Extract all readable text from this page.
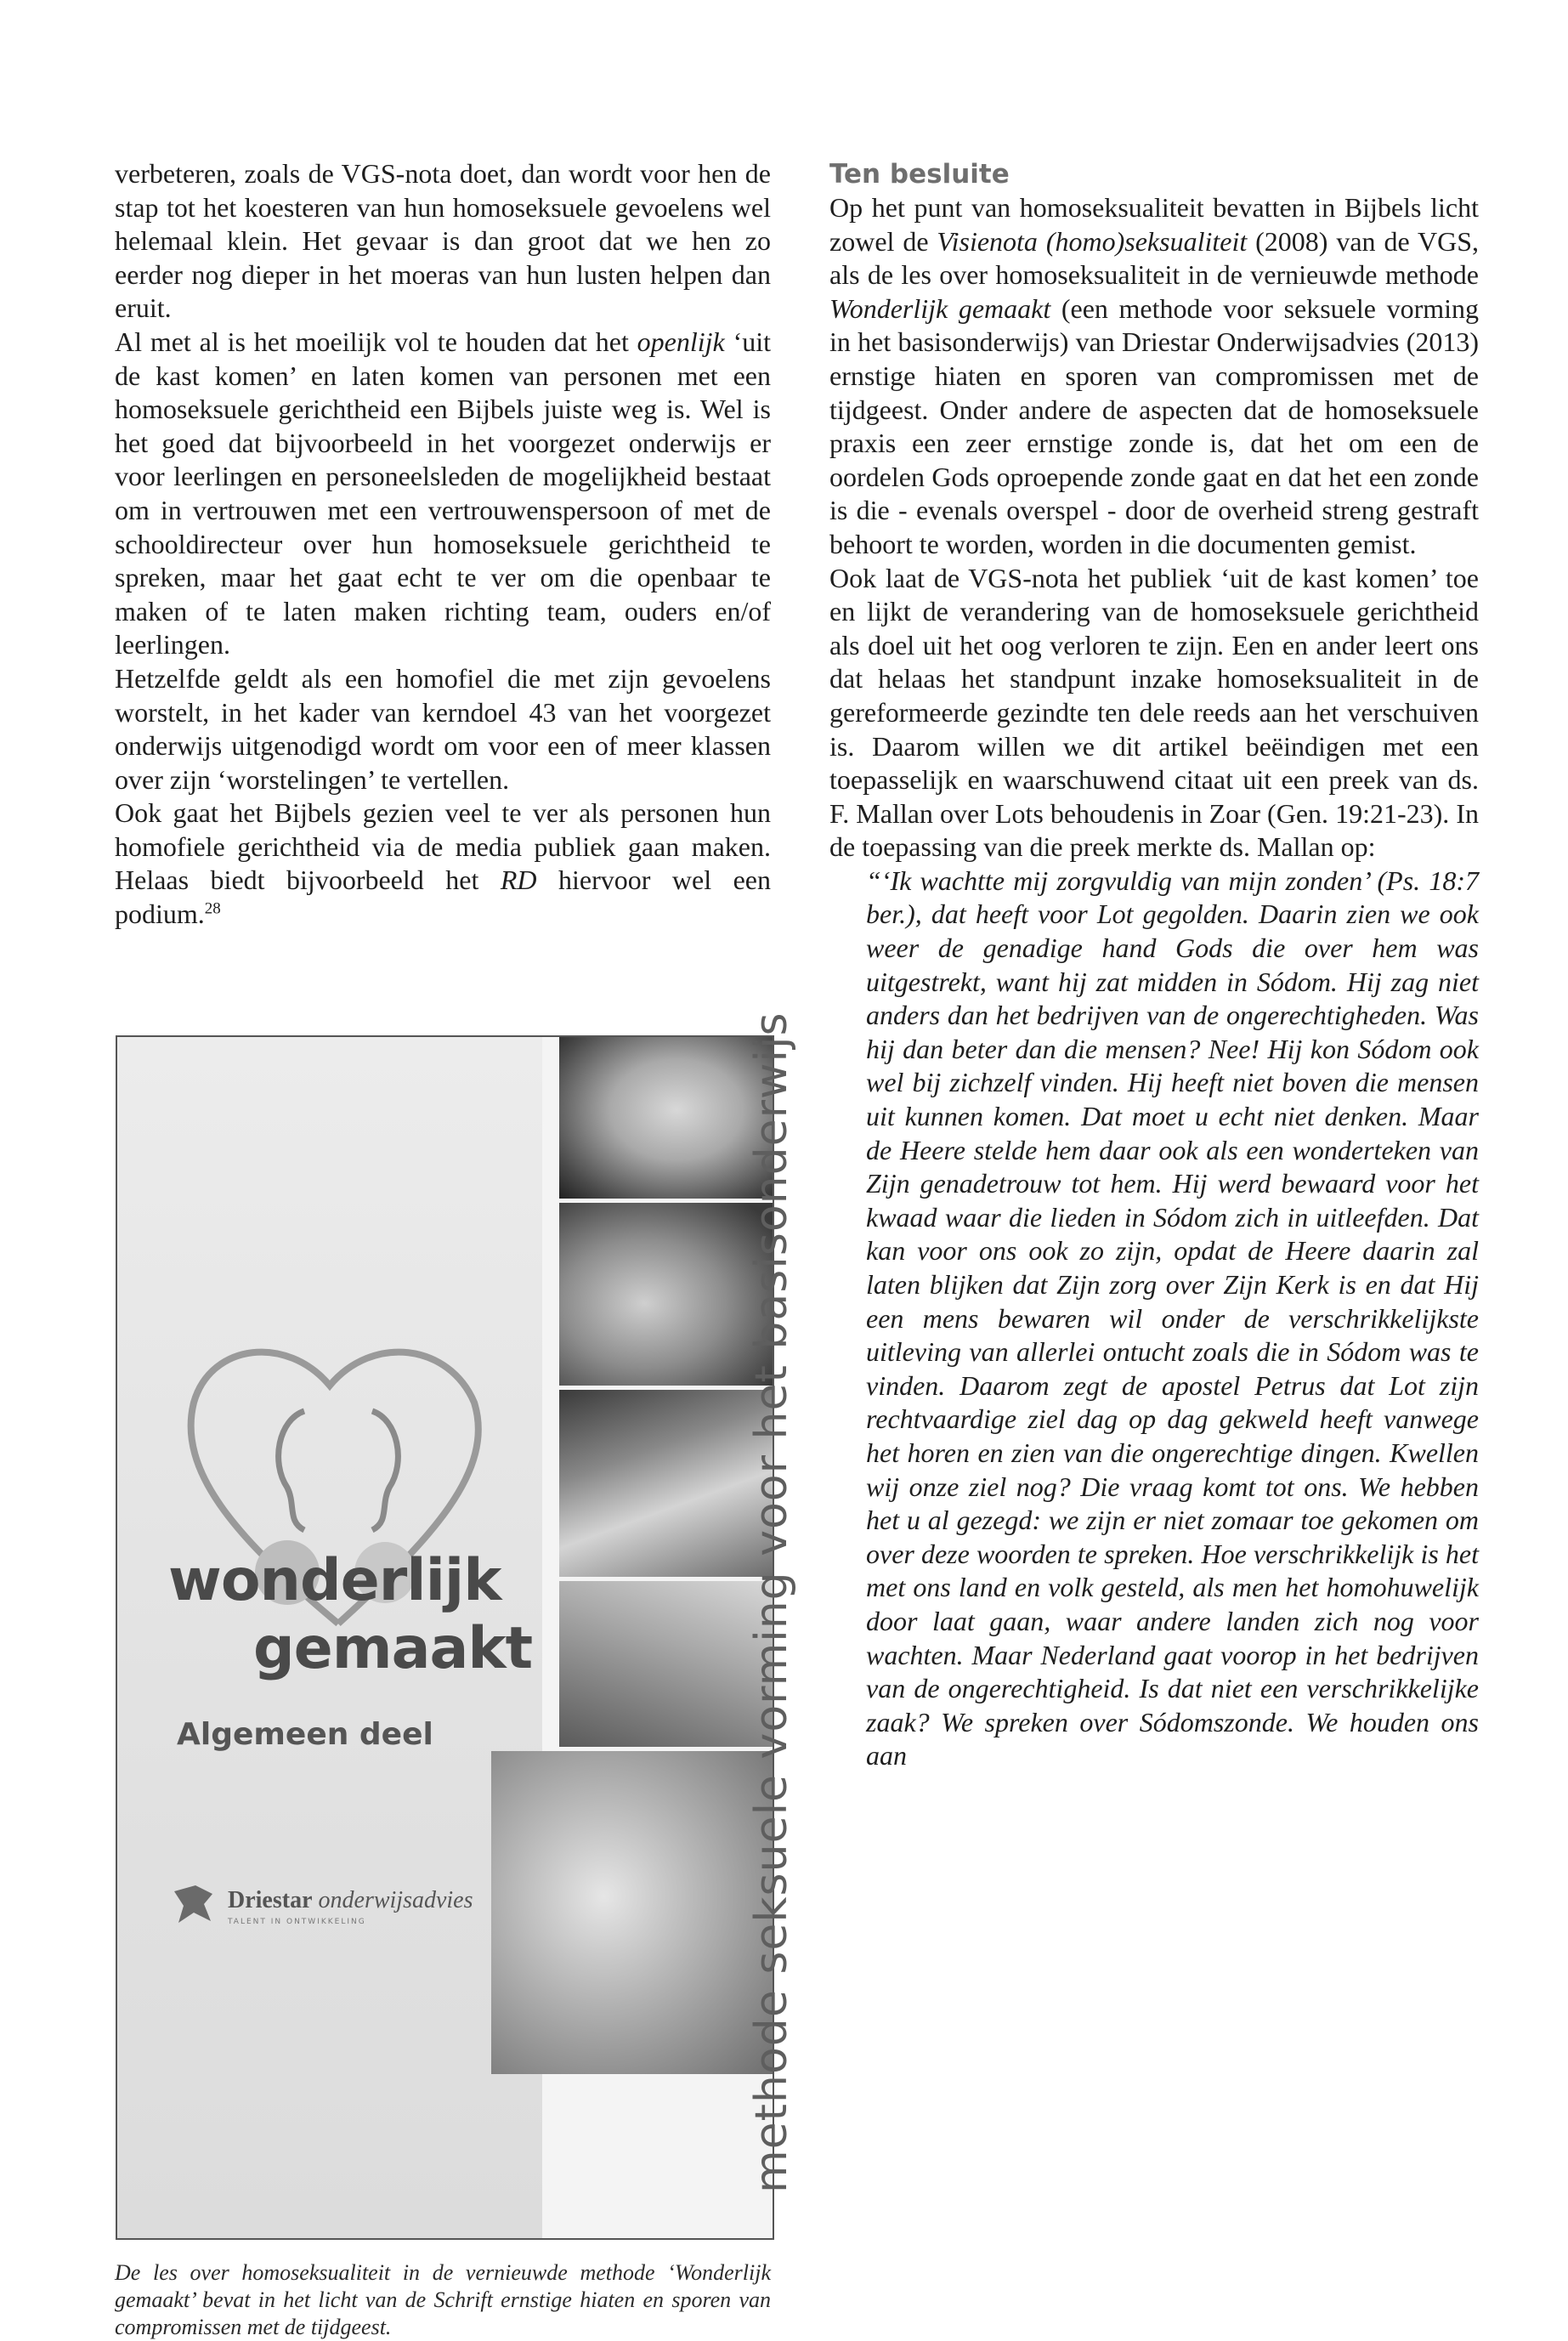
verbeteren, zoals de VGS-nota doet, dan wordt voor hen de stap tot het koesteren van hun homoseksuele gevoelens wel helemaal klein. Het gevaar is dan groot dat we hen zo eerder nog dieper in het moeras van hun lusten helpen dan eruit.

Al met al is het moeilijk vol te houden dat het openlijk ‘uit de kast komen’ en laten komen van personen met een homoseksuele gerichtheid een Bijbels juiste weg is. Wel is het goed dat bijvoorbeeld in het voorgezet onderwijs er voor leerlingen en personeelsleden de mogelijkheid bestaat om in vertrouwen met een vertrouwenspersoon of met de schooldirecteur over hun homoseksuele gerichtheid te spreken, maar het gaat echt te ver om die openbaar te maken of te laten maken richting team, ouders en/of leerlingen.

Hetzelfde geldt als een homofiel die met zijn gevoelens worstelt, in het kader van kerndoel 43 van het voorgezet onderwijs uitgenodigd wordt om voor een of meer klassen over zijn ‘worstelingen’ te vertellen.

Ook gaat het Bijbels gezien veel te ver als personen hun homofiele gerichtheid via de media publiek gaan maken. Helaas biedt bijvoorbeeld het RD hiervoor wel een podium.$^{28}$

wonderlijk
gemaakt
Algemeen deel
Driestar onderwijsadvies
TALENT IN ONTWIKKELING	methode seksuele vorming voor het basisonderwijs
De les over homoseksualiteit in de vernieuwde methode ‘Wonderlijk gemaakt’ bevat in het licht van de Schrift ernstige hiaten en sporen van compromissen met de tijdgeest.
Ten besluite

Op het punt van homoseksualiteit bevatten in Bijbels licht zowel de Visienota (homo)seksualiteit (2008) van de VGS, als de les over homoseksualiteit in de vernieuwde methode Wonderlijk gemaakt (een methode voor seksuele vorming in het basisonderwijs) van Driestar Onderwijsadvies (2013) ernstige hiaten en sporen van compromissen met de tijdgeest. Onder andere de aspecten dat de homoseksuele praxis een zeer ernstige zonde is, dat het om een de oordelen Gods oproepende zonde gaat en dat het een zonde is die - evenals overspel - door de overheid streng gestraft behoort te worden, worden in die documenten gemist.

Ook laat de VGS-nota het publiek ‘uit de kast komen’ toe en lijkt de verandering van de homoseksuele gerichtheid als doel uit het oog verloren te zijn. Een en ander leert ons dat helaas het standpunt inzake homoseksualiteit in de gereformeerde gezindte ten dele reeds aan het verschuiven is. Daarom willen we dit artikel beëindigen met een toepasselijk en waarschuwend citaat uit een preek van ds. F. Mallan over Lots behoudenis in Zoar (Gen. 19:21-23). In de toepassing van die preek merkte ds. Mallan op:

“‘Ik wachtte mij zorgvuldig van mijn zonden’ (Ps. 18:7 ber.), dat heeft voor Lot gegolden. Daarin zien we ook weer de genadige hand Gods die over hem was uitgestrekt, want hij zat midden in Sódom. Hij zag niet anders dan het bedrijven van de ongerechtigheden. Was hij dan beter dan die mensen? Nee! Hij kon Sódom ook wel bij zichzelf vinden. Hij heeft niet boven die mensen uit kunnen komen. Dat moet u echt niet denken. Maar de Heere stelde hem daar ook als een wonderteken van Zijn genadetrouw tot hem. Hij werd bewaard voor het kwaad waar die lieden in Sódom zich in uitleefden. Dat kan voor ons ook zo zijn, opdat de Heere daarin zal laten blijken dat Zijn zorg over Zijn Kerk is en dat Hij een mens bewaren wil onder de verschrikkelijkste uitleving van allerlei ontucht zoals die in Sódom was te vinden. Daarom zegt de apostel Petrus dat Lot zijn rechtvaardige ziel dag op dag gekweld heeft vanwege het horen en zien van die ongerechtige dingen. Kwellen wij onze ziel nog? Die vraag komt tot ons. We hebben het u al gezegd: we zijn er niet zomaar toe gekomen om over deze woorden te spreken. Hoe verschrikkelijk is het met ons land en volk gesteld, als men het homohuwelijk door laat gaan, waar andere landen zich nog voor wachten. Maar Nederland gaat voorop in het bedrijven van de ongerechtigheid. Is dat niet een verschrikkelijke zaak? We spreken over Sódomszonde. We houden ons aan
